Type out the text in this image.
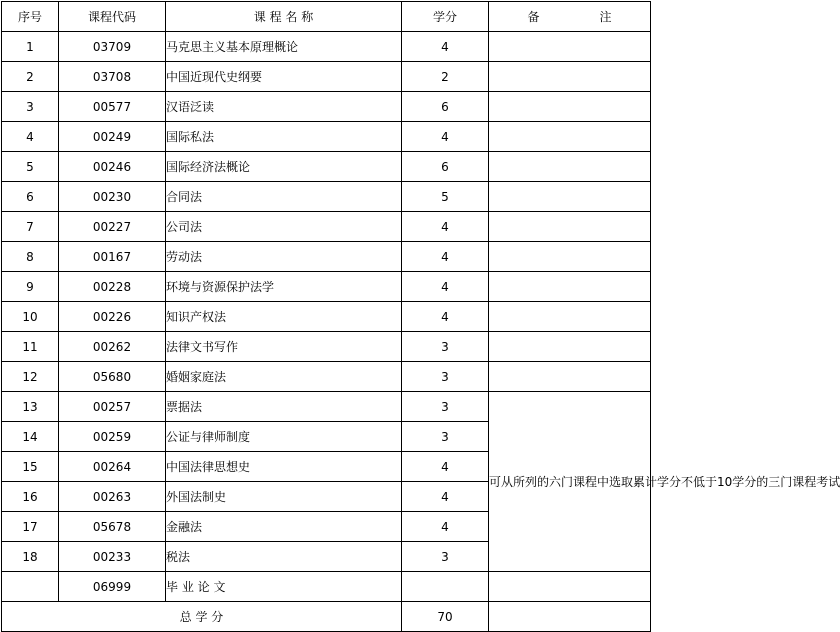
序号	课程代码	课 程 名 称	学分	备 注
1	03709	马克思主义基本原理概论	4	
2	03708	中国近现代史纲要	2	
3	00577	汉语泛读	6	
4	00249	国际私法	4	
5	00246	国际经济法概论	6	
6	00230	合同法	5	
7	00227	公司法	4	
8	00167	劳动法	4	
9	00228	环境与资源保护法学	4	
10	00226	知识产权法	4	
11	00262	法律文书写作	3	
12	05680	婚姻家庭法	3	
13	00257	票据法	3	可从所列的六门课程中选取累计学分不低于10学分的三门课程考试
14	00259	公证与律师制度	3	
15	00264	中国法律思想史	4	
16	00263	外国法制史	4	
17	05678	金融法	4	
18	00233	税法	3	
	06999	毕 业 论 文		
总 学 分			70	
